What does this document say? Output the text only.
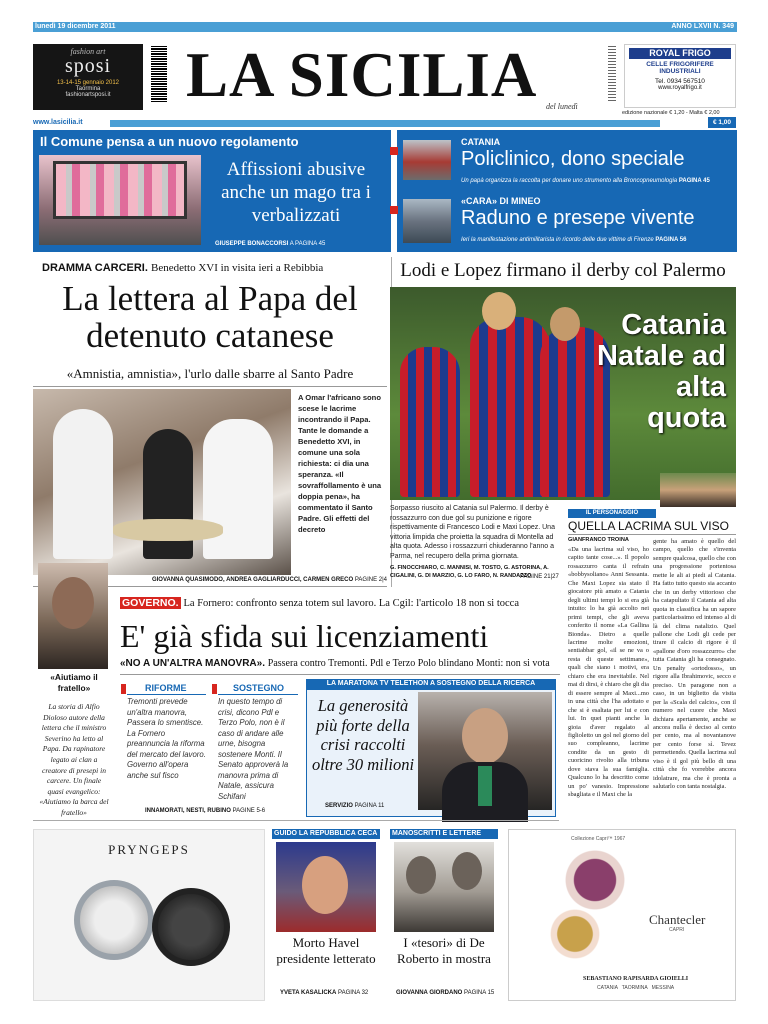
lunedì 19 dicembre 2011	ANNO LXVII N. 349
fashion art
sposi
13-14-15 gennaio 2012
Taormina
fashionartsposi.it	LA SICILIA del lunedì
ROYAL FRIGO
CELLE FRIGORIFERE
INDUSTRIALI
Tel. 0934 567510
www.royalfrigo.it
edizione nazionale € 1,20 - Malta € 2,00
www.lasicilia.it	€ 1,00
Il Comune pensa a un nuovo regolamento
Affissioni abusive anche un mago tra i verbalizzati
GIUSEPPE BONACCORSI A PAGINA 45
CATANIA
Policlinico, dono speciale
Un papà organizza la raccolta per donare uno strumento alla Broncopneumologia PAGINA 45
«CARA» DI MINEO
Raduno e presepe vivente
Ieri la manifestazione antimilitarista in ricordo delle due vittime di Firenze PAGINA 56
DRAMMA CARCERI. Benedetto XVI in visita ieri a Rebibbia
La lettera al Papa del detenuto catanese
«Amnistia, amnistia», l'urlo dalle sbarre al Santo Padre
A Omar l'africano sono scese le lacrime incontrando il Papa. Tante le domande a Benedetto XVI, in comune una sola richiesta: ci dia una speranza. «Il sovraffollamento è una doppia pena», ha commentato il Santo Padre. Gli effetti del decreto
GIOVANNA QUASIMODO, ANDREA GAGLIARDUCCI, CARMEN GRECO PAGINE 2|4
Lodi e Lopez firmano il derby col Palermo
Catania Natale ad alta quota
Sorpasso riuscito al Catania sul Palermo. Il derby è rossazzurro con due gol su punizione e rigore rispettivamente di Francesco Lodi e Maxi Lopez. Una vittoria limpida che proietta la squadra di Montella ad alta quota. Adesso i rossazzurri chiuderanno l'anno a Parma, nel recupero della prima giornata.
G. FINOCCHIARO, C. MANNISI, M. TOSTO, G. ASTORINA, A. CIGALINI, G. DI MARZIO, G. LO FARO, N. RANDAZZO
PAGINE 21|27
IL PERSONAGGIO
QUELLA LACRIMA SUL VISO
GIANFRANCO TROINA
«Da una lacrima sul viso, ho capito tante cose...». Il popolo rossazzurro canta il refrain «bobbysoliano» Anni Sessanta. Che Maxi Lopez sia stato il giocatore più amato a Catania degli ultimi tempi lo si era già intuito: lo ha già accolto nei primi tempi, che gli aveva conferito il nome «La Gallina Bionda». Dietro a quelle lacrime molte emozioni, sentiabbar gol, «il se ne va o resta di queste settimane», quali che siano i motivi, era chiaro che era inevitabile. Nel mai di dirsi, è chiaro che gli dia di essere sempre al Maxi...mo in una città che l'ha adottato e che si è esaltata per lui e con lui. In quei pianti anche la gioia d'aver regalato al figlioletto un gol nel giorno del suo compleanno, lacrime condite da un gesto di cuoricino rivolto alla tribuna dove stava la sua famiglia. Qualcuno lo ha descritto come un po' vanesio. Impressione sbagliata e il Maxi che la
gente ha amato è quello del campo, quello che s'inventa sempre qualcosa, quello che con una progressione portentosa mette le ali ai piedi al Catania. Ha fatto tutto questo sia accanto che in un derby vittorioso che ha catapultato il Catania ad alta quota in classifica ha un sapore particolarissimo ed intenso al di là del clima natalizio. Quel pallone che Lodi gli cede per tirare il calcio di rigore è il «pallone d'oro rossazzurro» che tutta Catania gli ha consegnato. Un penalty «ortodosso», un rigore alla Ibrahimovic, secco e preciso. Un paragone non a caso, in un biglietto da visita per la «Scala del calcio», con il numero nel cuore che Maxi dichiara apertamente, anche se ancora nulla è deciso al cento per cento, ma al novantanove per cento forse sì. Tevez permettendo. Quella lacrima sul viso è il gol più bello di una città che fo vorrebbe ancora idolatrare, ma che è pronta a salutarlo con tanta nostalgia.
«Aiutiamo il fratello»
La storia di Alfio Dioloso autore della lettera che il ministro Severino ha letto al Papa. Da rapinatore legato ai clan a creatore di presepi in carcere. Un finale quasi evangelico: «Aiutiamo la barca del fratello»
GOVERNO. La Fornero: confronto senza totem sul lavoro. La Cgil: l'articolo 18 non si tocca
E' già sfida sui licenziamenti
«NO A UN'ALTRA MANOVRA». Passera contro Tremonti. Pdl e Terzo Polo blindano Monti: non si vota
RIFORME
Tremonti prevede un'altra manovra, Passera lo smentisce. La Fornero preannuncia la riforma del mercato del lavoro. Governo all'opera anche sul fisco
SOSTEGNO
In questo tempo di crisi, dicono Pdl e Terzo Polo, non è il caso di andare alle urne, bisogna sostenere Monti. Il Senato approverà la manovra prima di Natale, assicura Schifani
INNAMORATI, NESTI, RUBINO PAGINE 5-6
LA MARATONA TV TELETHON A SOSTEGNO DELLA RICERCA
La generosità più forte della crisi raccolti oltre 30 milioni
SERVIZIO PAGINA 11
PRYNGEPS
GUIDO LA REPUBBLICA CECA
Morto Havel presidente letterato
YVETA KASALICKA PAGINA 32
MANOSCRITTI E LETTERE
I «tesori» di De Roberto in mostra
GIOVANNA GIORDANO PAGINA 15
Collezione Capri™ 1967
Chantecler
CAPRI
SEBASTIANO RAPISARDA GIOIELLI
CATANIA   TAORMINA   MESSINA
